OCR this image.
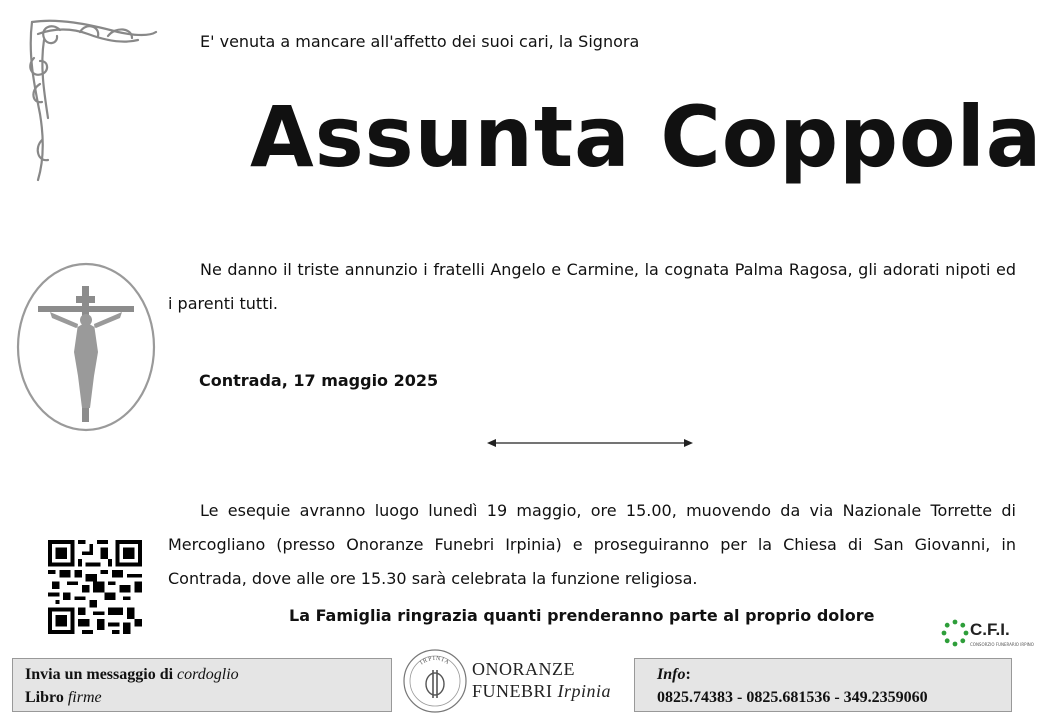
E' venuta a mancare all'affetto dei suoi cari, la Signora
Assunta Coppola
Ne danno il triste annunzio i fratelli Angelo e Carmine, la cognata Palma Ragosa, gli adorati nipoti ed i parenti tutti.
Contrada, 17 maggio 2025
Le esequie avranno luogo lunedì 19 maggio, ore 15.00, muovendo da via Nazionale Torrette di Mercogliano (presso Onoranze Funebri Irpinia) e proseguiranno per la Chiesa di San Giovanni, in Contrada, dove alle ore 15.30 sarà celebrata la funzione religiosa.
La Famiglia ringrazia quanti prenderanno parte al proprio dolore
C.F.I.
CONSORZIO FUNERARIO IRPINO
Invia un messaggio di cordoglio
Libro firme
IRPINIA ONORANZE
FUNEBRI Irpinia
Info:
0825.74383 - 0825.681536 - 349.2359060
